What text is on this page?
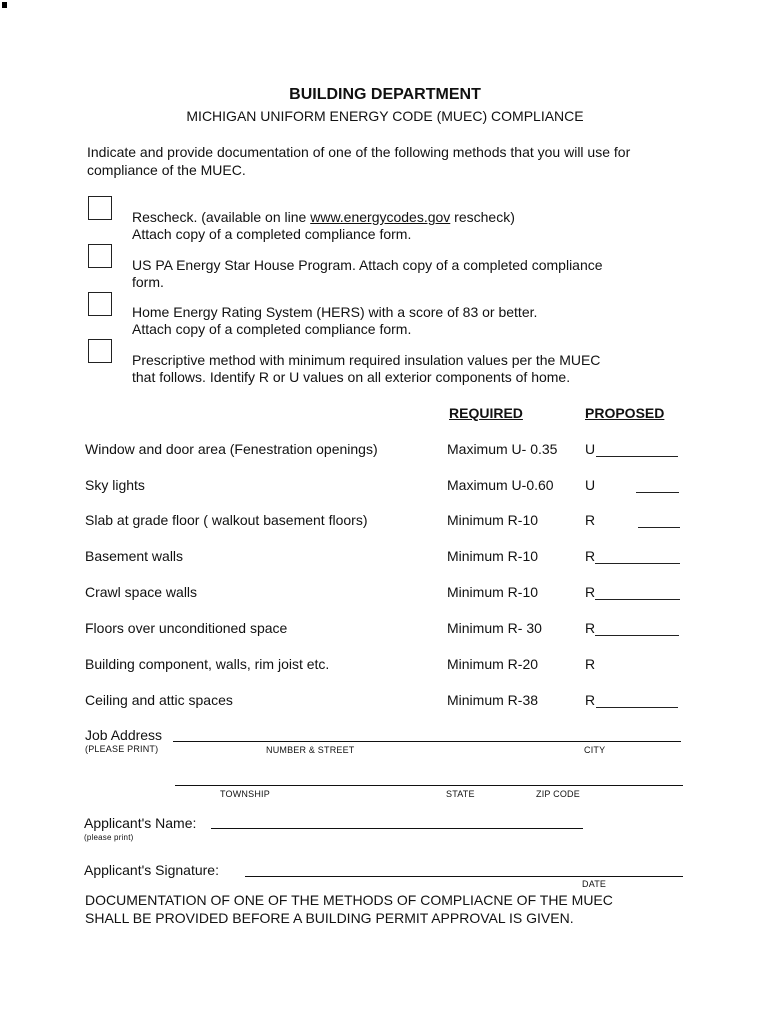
BUILDING DEPARTMENT
MICHIGAN UNIFORM ENERGY CODE (MUEC) COMPLIANCE
Indicate and provide documentation of one of the following methods that you will use for compliance of the MUEC.
Rescheck. (available on line www.energycodes.gov rescheck)
Attach copy of a completed compliance form.
US PA Energy Star House Program. Attach copy of a completed compliance
form.
Home Energy Rating System (HERS) with a score of 83 or better.
Attach copy of a completed compliance form.
Prescriptive method with minimum required insulation values per the MUEC
that follows. Identify R or U values on all exterior components of home.
REQUIRED	PROPOSED
Window and door area (Fenestration openings)	Maximum U- 0.35 U
Sky lights	Maximum U-0.60 U
Slab at grade floor ( walkout basement floors)	Minimum R-10	R
Basement walls	Minimum R-10	R
Crawl space walls	Minimum R-10	R
Floors over unconditioned space	Minimum R- 30	R
Building component, walls, rim joist etc.	Minimum R-20	R
Ceiling and attic spaces	Minimum R-38	R
Job Address
(PLEASE PRINT)	NUMBER & STREET	CITY
TOWNSHIP	STATE	ZIP CODE
Applicant's Name:
(please print)
Applicant's Signature:
DATE
DOCUMENTATION OF ONE OF THE METHODS OF COMPLIACNE OF THE MUEC
SHALL BE PROVIDED BEFORE A BUILDING PERMIT APPROVAL IS GIVEN.
